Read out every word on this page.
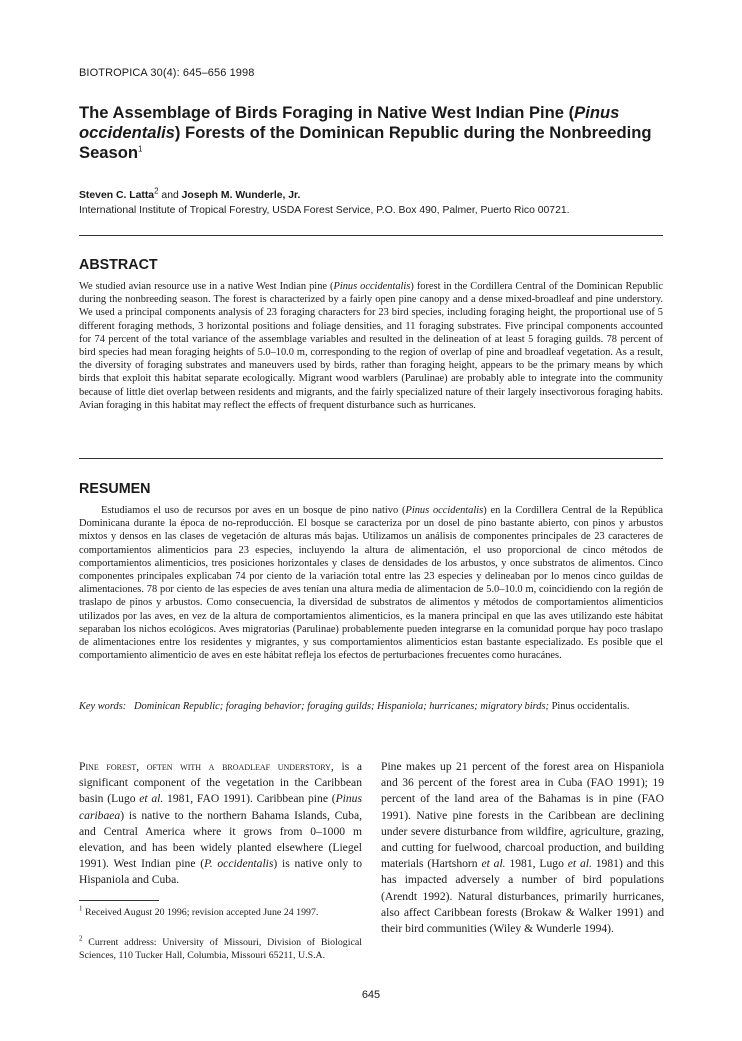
BIOTROPICA 30(4): 645–656 1998
The Assemblage of Birds Foraging in Native West Indian Pine (Pinus occidentalis) Forests of the Dominican Republic during the Nonbreeding Season$^1$
Steven C. Latta$^2$ and Joseph M. Wunderle, Jr.
International Institute of Tropical Forestry, USDA Forest Service, P.O. Box 490, Palmer, Puerto Rico 00721.
ABSTRACT

We studied avian resource use in a native West Indian pine (Pinus occidentalis) forest in the Cordillera Central of the Dominican Republic during the nonbreeding season. The forest is characterized by a fairly open pine canopy and a dense mixed-broadleaf and pine understory. We used a principal components analysis of 23 foraging characters for 23 bird species, including foraging height, the proportional use of 5 different foraging methods, 3 horizontal positions and foliage densities, and 11 foraging substrates. Five principal components accounted for 74 percent of the total variance of the assemblage variables and resulted in the delineation of at least 5 foraging guilds. 78 percent of bird species had mean foraging heights of 5.0–10.0 m, corresponding to the region of overlap of pine and broadleaf vegetation. As a result, the diversity of foraging substrates and maneuvers used by birds, rather than foraging height, appears to be the primary means by which birds that exploit this habitat separate ecologically. Migrant wood warblers (Parulinae) are probably able to integrate into the community because of little diet overlap between residents and migrants, and the fairly specialized nature of their largely insectivorous foraging habits. Avian foraging in this habitat may reflect the effects of frequent disturbance such as hurricanes.

RESUMEN

Estudiamos el uso de recursos por aves en un bosque de pino nativo (Pinus occidentalis) en la Cordillera Central de la República Dominicana durante la época de no-reproducción. El bosque se caracteriza por un dosel de pino bastante abierto, con pinos y arbustos mixtos y densos en las clases de vegetación de alturas más bajas. Utilizamos un análisis de componentes principales de 23 caracteres de comportamientos alimenticios para 23 especies, incluyendo la altura de alimentación, el uso proporcional de cinco métodos de comportamientos alimenticios, tres posiciones horizontales y clases de densidades de los arbustos, y once substratos de alimentos. Cinco componentes principales explicaban 74 por ciento de la variación total entre las 23 especies y delineaban por lo menos cinco guildas de alimentaciones. 78 por ciento de las especies de aves tenían una altura media de alimentacion de 5.0–10.0 m, coincidiendo con la región de traslapo de pinos y arbustos. Como consecuencia, la diversidad de substratos de alimentos y métodos de comportamientos alimenticios utilizados por las aves, en vez de la altura de comportamientos alimenticios, es la manera principal en que las aves utilizando este hábitat separaban los nichos ecológicos. Aves migratorias (Parulinae) probablemente pueden integrarse en la comunidad porque hay poco traslapo de alimentaciones entre los residentes y migrantes, y sus comportamientos alimenticios estan bastante especializado. Es posible que el comportamiento alimenticio de aves en este hábitat refleja los efectos de perturbaciones frecuentes como huracánes.

Key words: Dominican Republic; foraging behavior; foraging guilds; Hispaniola; hurricanes; migratory birds; Pinus occidentalis.

Pine forest, often with a broadleaf understory, is a significant component of the vegetation in the Caribbean basin (Lugo et al. 1981, FAO 1991). Caribbean pine (Pinus caribaea) is native to the northern Bahama Islands, Cuba, and Central America where it grows from 0–1000 m elevation, and has been widely planted elsewhere (Liegel 1991). West Indian pine (P. occidentalis) is native only to Hispaniola and Cuba.

Pine makes up 21 percent of the forest area on Hispaniola and 36 percent of the forest area in Cuba (FAO 1991); 19 percent of the land area of the Bahamas is in pine (FAO 1991). Native pine forests in the Caribbean are declining under severe disturbance from wildfire, agriculture, grazing, and cutting for fuelwood, charcoal production, and building materials (Hartshorn et al. 1981, Lugo et al. 1981) and this has impacted adversely a number of bird populations (Arendt 1992). Natural disturbances, primarily hurricanes, also affect Caribbean forests (Brokaw & Walker 1991) and their bird communities (Wiley & Wunderle 1994).

$^1$ Received August 20 1996; revision accepted June 24 1997.

$^2$ Current address: University of Missouri, Division of Biological Sciences, 110 Tucker Hall, Columbia, Missouri 65211, U.S.A.

645
